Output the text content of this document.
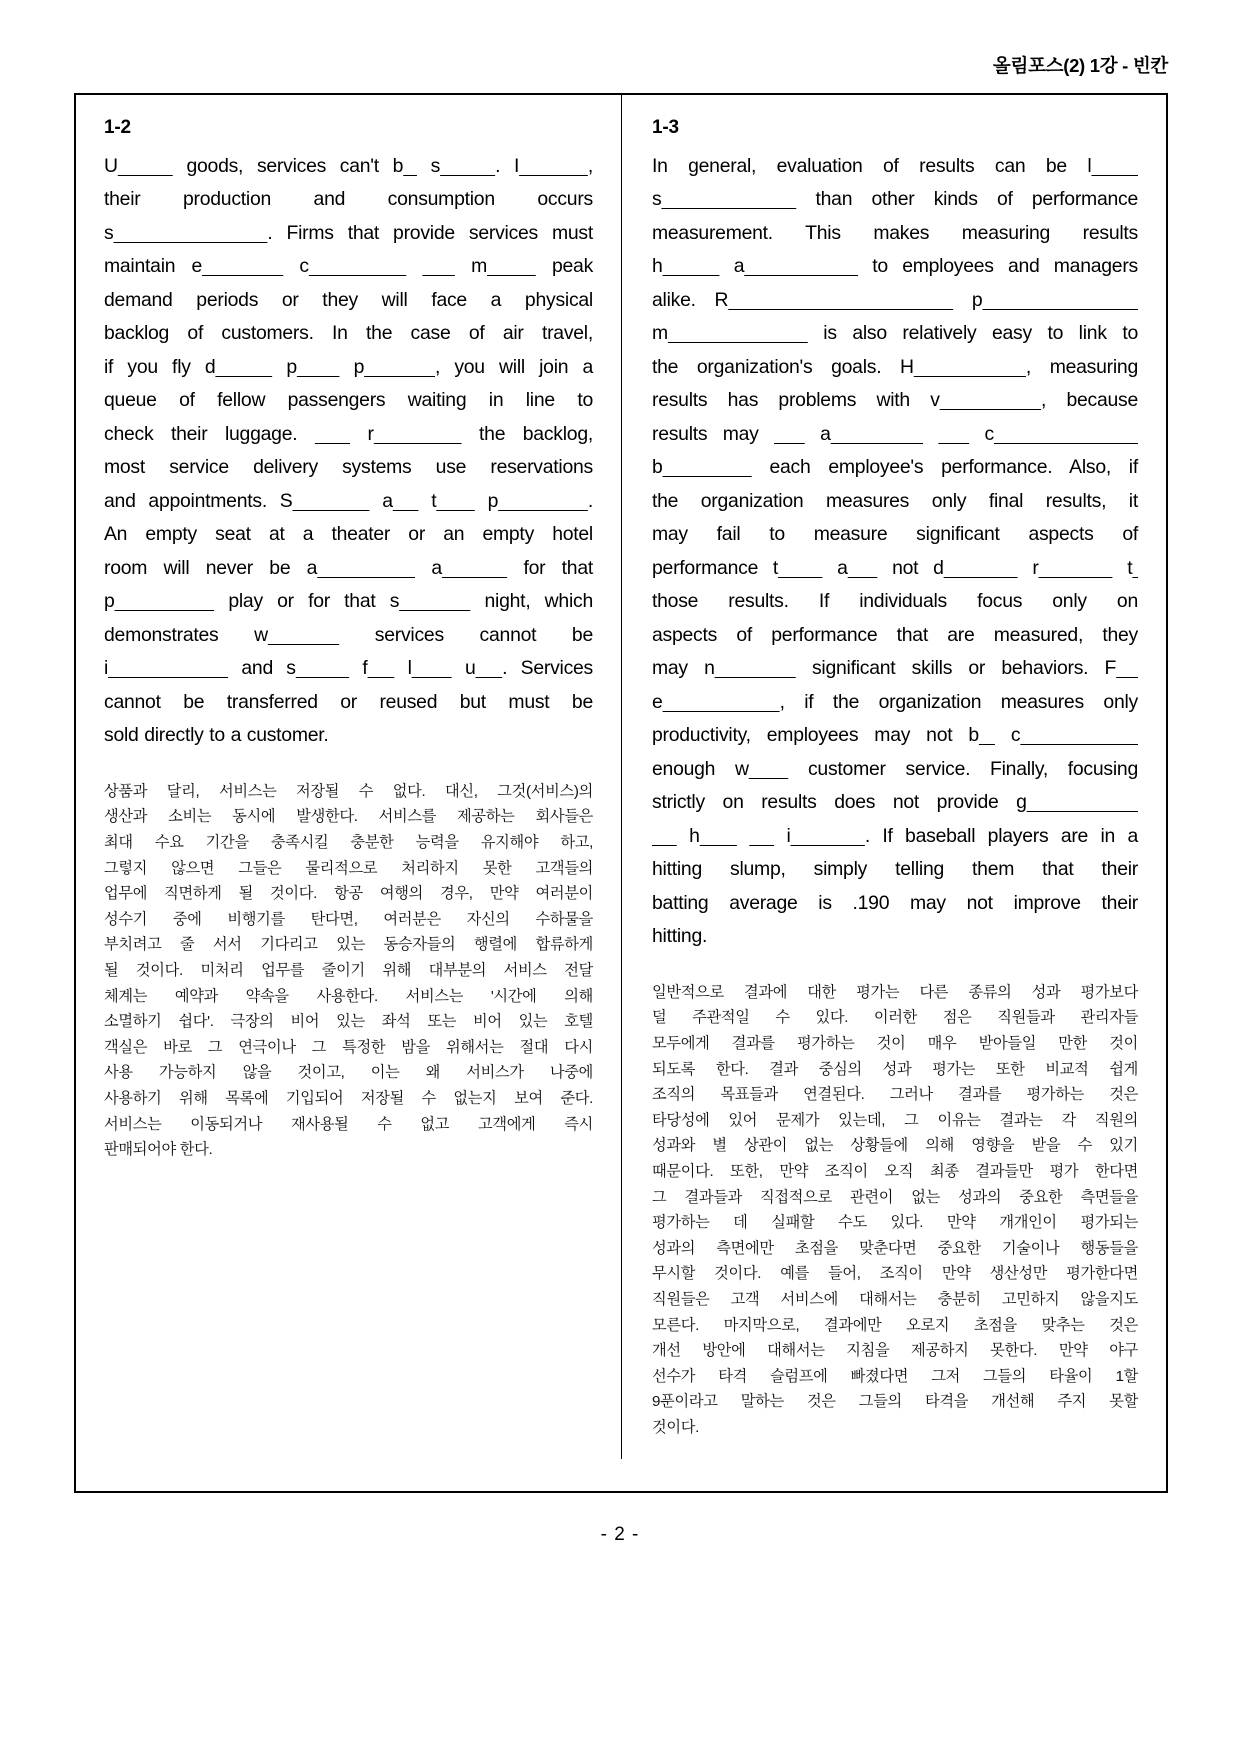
올림포스(2) 1강 - 빈칸
1-2
U	goods, services can't b  s	. I	,
their production and consumption occurs
s	. Firms that provide services must
maintain e	c	m	peak
demand periods or they will face a physical
backlog of customers. In the case of air travel,
if you fly d	p    p	, you will join a
queue of fellow passengers waiting in line to
check their luggage.    r	the backlog,
most service delivery systems use reservations
and appointments. S	a   t    p	.
An empty seat at a theater or an empty hotel
room will never be a	a	for that
p	play or for that s	night, which
demonstrates w	services cannot be
i	and s	f   l    u . Services
cannot be transferred or reused but must be
sold directly to a customer.
상품과 달리, 서비스는 저장될 수 없다. 대신, 그것(서비스)의
생산과 소비는 동시에 발생한다. 서비스를 제공하는 회사들은
최대 수요 기간을 충족시킬 충분한 능력을 유지해야 하고,
그렇지 않으면 그들은 물리적으로 처리하지 못한 고객들의
업무에 직면하게 될 것이다. 항공 여행의 경우, 만약 여러분이
성수기 중에 비행기를 탄다면, 여러분은 자신의 수하물을
부치려고 줄 서서 기다리고 있는 동승자들의 행렬에 합류하게
될 것이다. 미처리 업무를 줄이기 위해 대부분의 서비스 전달
체계는 예약과 약속을 사용한다. 서비스는 '시간에 의해
소멸하기 쉽다'. 극장의 비어 있는 좌석 또는 비어 있는 호텔
객실은 바로 그 연극이나 그 특정한 밤을 위해서는 절대 다시
사용 가능하지 않을 것이고, 이는 왜 서비스가 나중에
사용하기 위해 목록에 기입되어 저장될 수 없는지 보여 준다.
서비스는 이동되거나 재사용될 수 없고 고객에게 즉시
판매되어야 한다.
1-3
In general, evaluation of results can be l
s	than other kinds of performance
measurement. This makes measuring results
h	a	to employees and managers
alike. R	p
m	is also relatively easy to link to
the organization's goals. H	, measuring
results has problems with v	, because
results may    a	c
b	each employee's performance. Also, if
the organization measures only final results, it
may fail to measure significant aspects of
performance t    a   not d	r	t
those results. If individuals focus only on
aspects of performance that are measured, they
may n	significant skills or behaviors. F
e	, if the organization measures only
productivity, employees may not b  c
enough w   customer service. Finally, focusing
strictly on results does not provide g
h	i	. If baseball players are in a
hitting slump, simply telling them that their
batting average is .190 may not improve their
hitting.
일반적으로 결과에 대한 평가는 다른 종류의 성과 평가보다
덜 주관적일 수 있다. 이러한 점은 직원들과 관리자들
모두에게 결과를 평가하는 것이 매우 받아들일 만한 것이
되도록 한다. 결과 중심의 성과 평가는 또한 비교적 쉽게
조직의 목표들과 연결된다. 그러나 결과를 평가하는 것은
타당성에 있어 문제가 있는데, 그 이유는 결과는 각 직원의
성과와 별 상관이 없는 상황들에 의해 영향을 받을 수 있기
때문이다. 또한, 만약 조직이 오직 최종 결과들만 평가 한다면
그 결과들과 직접적으로 관련이 없는 성과의 중요한 측면들을
평가하는 데 실패할 수도 있다. 만약 개개인이 평가되는
성과의 측면에만 초점을 맞춘다면 중요한 기술이나 행동들을
무시할 것이다. 예를 들어, 조직이 만약 생산성만 평가한다면
직원들은 고객 서비스에 대해서는 충분히 고민하지 않을지도
모른다. 마지막으로, 결과에만 오로지 초점을 맞추는 것은
개선 방안에 대해서는 지침을 제공하지 못한다. 만약 야구
선수가 타격 슬럼프에 빠졌다면 그저 그들의 타율이 1할
9푼이라고 말하는 것은 그들의 타격을 개선해 주지 못할
것이다.
- 2 -
